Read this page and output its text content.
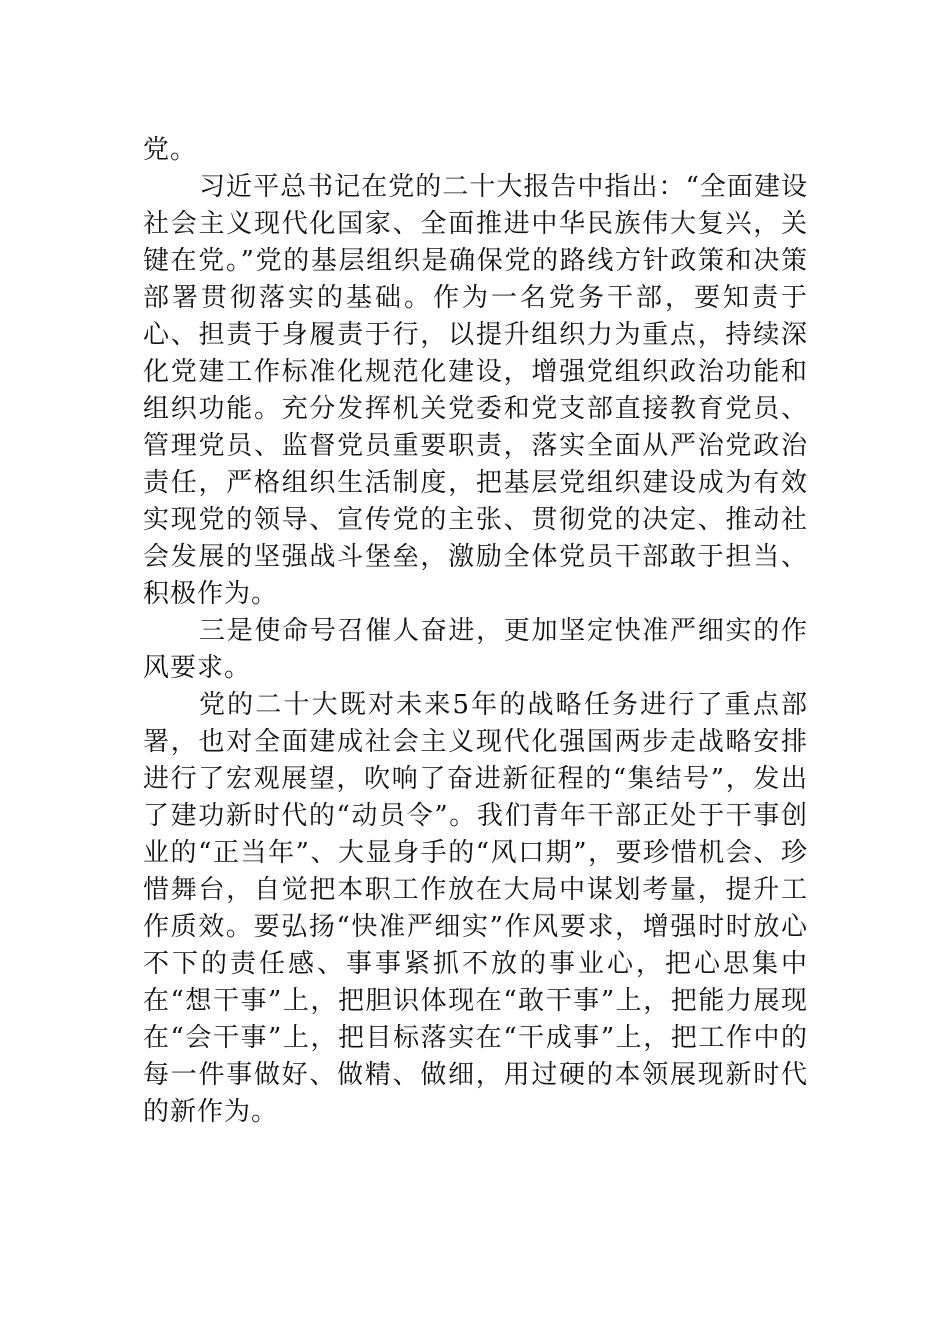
党。

习近平总书记在党的二十大报告中指出：“全面建设社会主义现代化国家、全面推进中华民族伟大复兴，关键在党。”党的基层组织是确保党的路线方针政策和决策部署贯彻落实的基础。作为一名党务干部，要知责于心、担责于身履责于行，以提升组织力为重点，持续深化党建工作标准化规范化建设，增强党组织政治功能和组织功能。充分发挥机关党委和党支部直接教育党员、管理党员、监督党员重要职责，落实全面从严治党政治责任，严格组织生活制度，把基层党组织建设成为有效实现党的领导、宣传党的主张、贯彻党的决定、推动社会发展的坚强战斗堡垒，激励全体党员干部敢于担当、积极作为。

三是使命号召催人奋进，更加坚定快准严细实的作风要求。

党的二十大既对未来5年的战略任务进行了重点部署，也对全面建成社会主义现代化强国两步走战略安排进行了宏观展望，吹响了奋进新征程的“集结号”，发出了建功新时代的“动员令”。我们青年干部正处于干事创业的“正当年”、大显身手的“风口期”，要珍惜机会、珍惜舞台，自觉把本职工作放在大局中谋划考量，提升工作质效。要弘扬“快准严细实”作风要求，增强时时放心不下的责任感、事事紧抓不放的事业心，把心思集中在“想干事”上，把胆识体现在“敢干事”上，把能力展现在“会干事”上，把目标落实在“干成事”上，把工作中的每一件事做好、做精、做细，用过硬的本领展现新时代的新作为。
